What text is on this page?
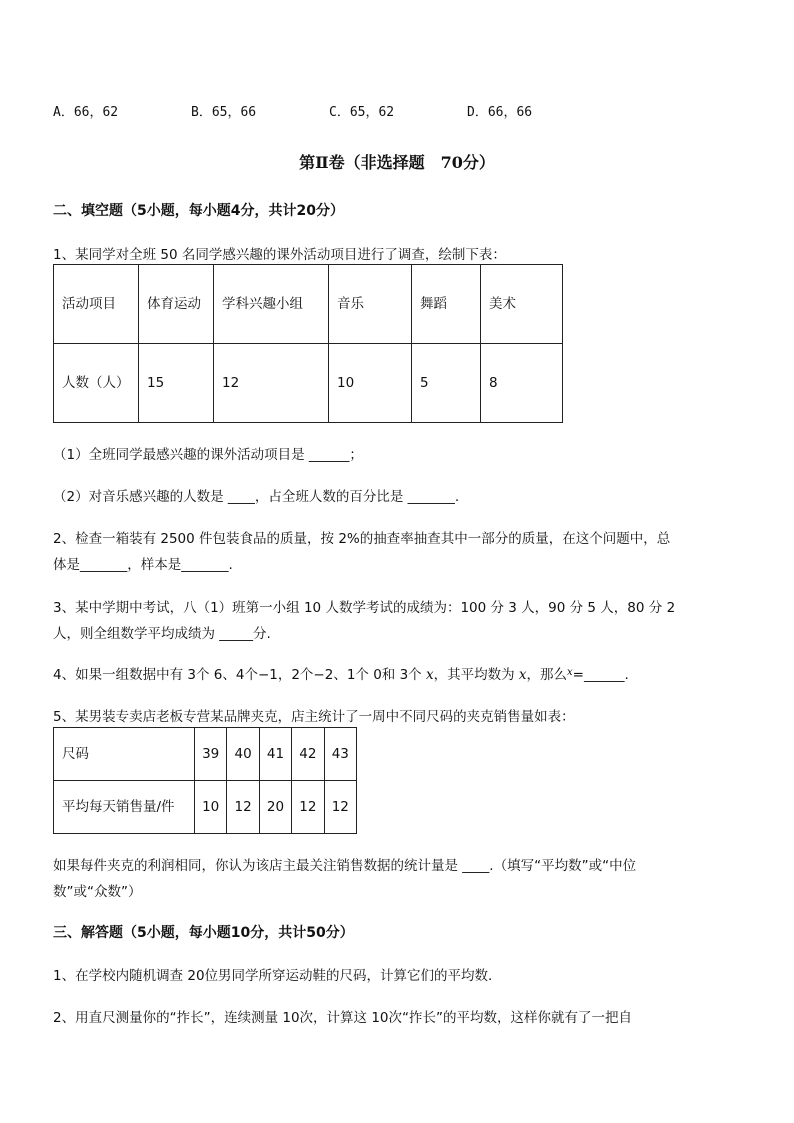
A．66，62	B．65，66	C．65，62	D．66，66
第Ⅱ卷（非选择题　70分）
二、填空题（5小题，每小题4分，共计20分）
1、某同学对全班 50 名同学感兴趣的课外活动项目进行了调查，绘制下表：
活动项目	体育运动	学科兴趣小组	音乐	舞蹈	美术
人数（人）	15	12	10	5	8
（1）全班同学最感兴趣的课外活动项目是 ______；
（2）对音乐感兴趣的人数是 ____，占全班人数的百分比是 _______.
2、检查一箱装有 2500 件包装食品的质量，按 2%的抽查率抽查其中一部分的质量，在这个问题中，总
体是_______，样本是_______.
3、某中学期中考试，八（1）班第一小组 10 人数学考试的成绩为：100 分 3 人，90 分 5 人，80 分 2
人，则全组数学平均成绩为 _____分.
4、如果一组数据中有 3个 6、4个−1，2个−2、1个 0和 3个 x，其平均数为 x，那么$^x$=______.
5、某男装专卖店老板专营某品牌夹克，店主统计了一周中不同尺码的夹克销售量如表：
尺码	39	40	41	42	43
平均每天销售量/件	10	12	20	12	12
如果每件夹克的利润相同，你认为该店主最关注销售数据的统计量是 ____.（填写“平均数”或“中位
数”或“众数”）
三、解答题（5小题，每小题10分，共计50分）
1、在学校内随机调查 20位男同学所穿运动鞋的尺码，计算它们的平均数.
2、用直尺测量你的“拃长”，连续测量 10次，计算这 10次“拃长”的平均数，这样你就有了一把自
